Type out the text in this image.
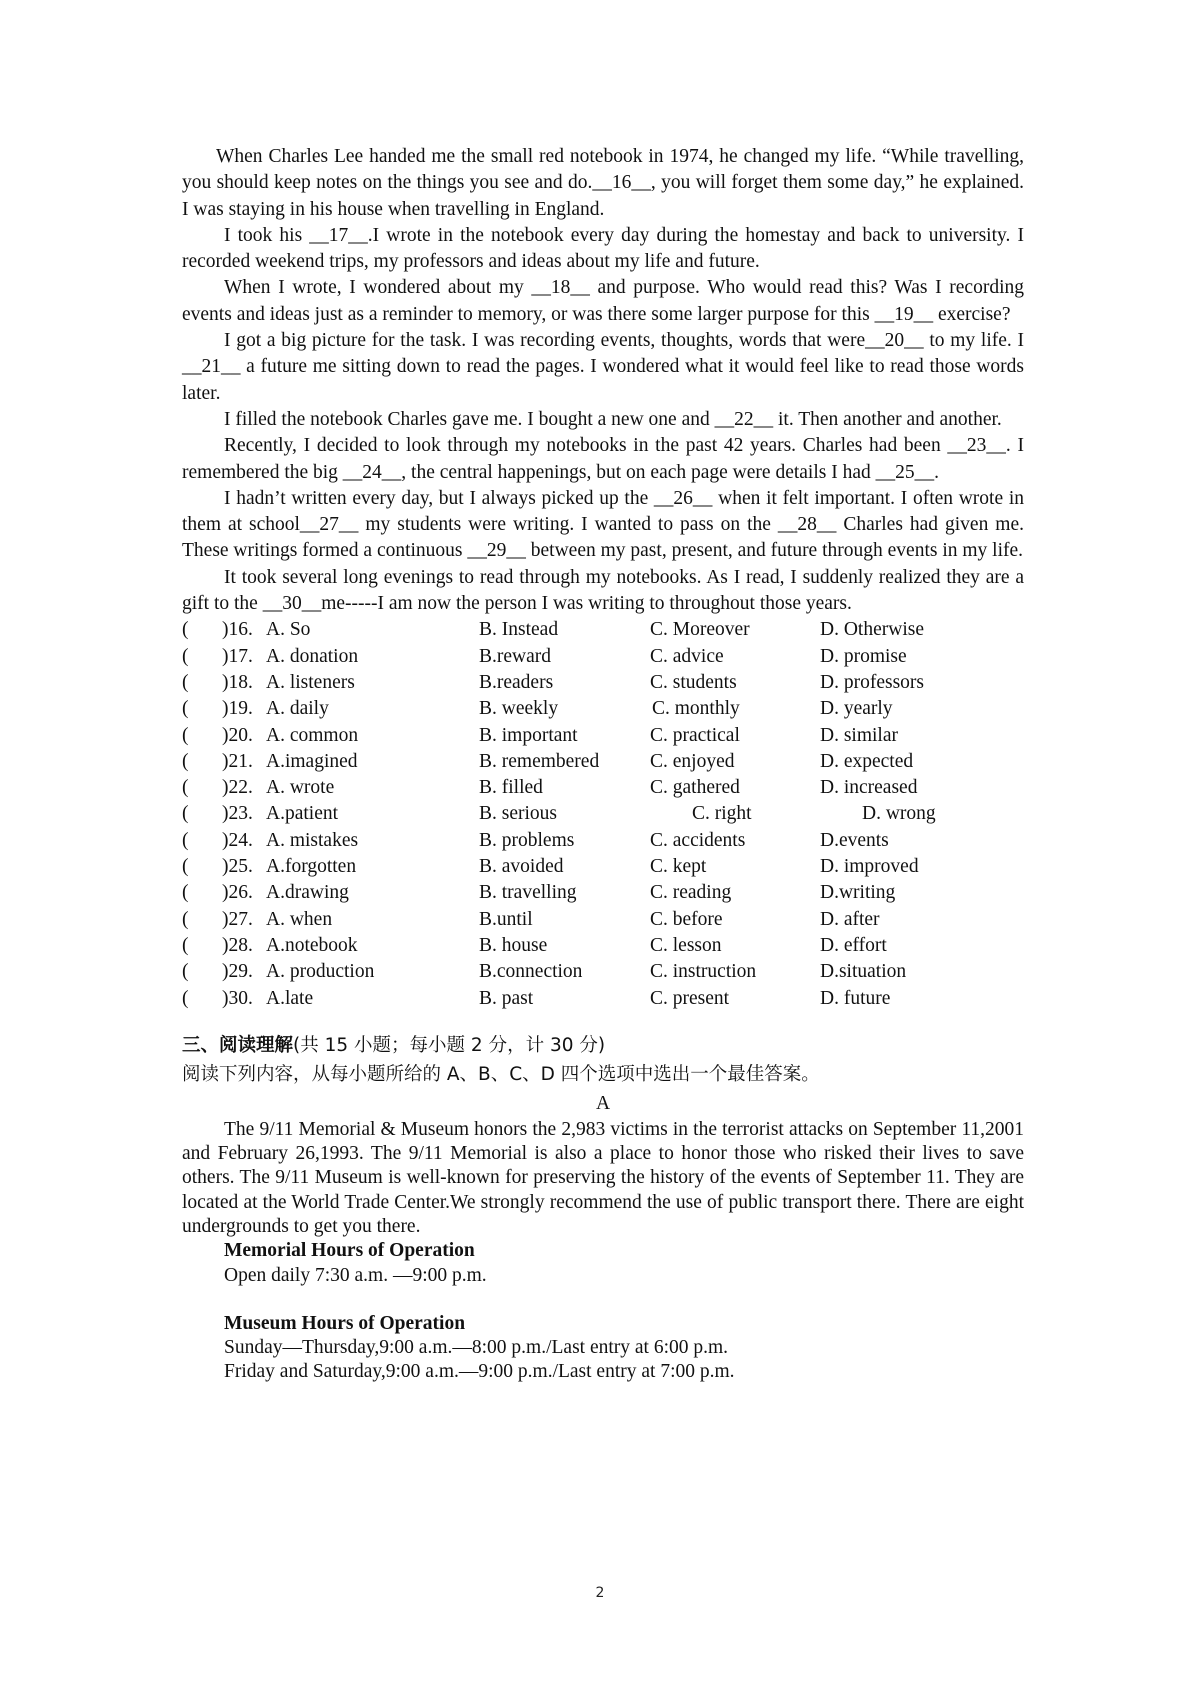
When Charles Lee handed me the small red notebook in 1974, he changed my life. “While travelling, you should keep notes on the things you see and do.__16__, you will forget them some day,” he explained. I was staying in his house when travelling in England.

I took his __17__.I wrote in the notebook every day during the homestay and back to university. I recorded weekend trips, my professors and ideas about my life and future.

When I wrote, I wondered about my __18__ and purpose. Who would read this? Was I recording events and ideas just as a reminder to memory, or was there some larger purpose for this __19__ exercise?

I got a big picture for the task. I was recording events, thoughts, words that were__20__ to my life. I __21__ a future me sitting down to read the pages. I wondered what it would feel like to read those words later.

I filled the notebook Charles gave me. I bought a new one and __22__ it. Then another and another.

Recently, I decided to look through my notebooks in the past 42 years. Charles had been __23__. I remembered the big __24__, the central happenings, but on each page were details I had __25__.

I hadn’t written every day, but I always picked up the __26__ when it felt important. I often wrote in them at school__27__ my students were writing. I wanted to pass on the __28__ Charles had given me. These writings formed a continuous __29__ between my past, present, and future through events in my life.

It took several long evenings to read through my notebooks. As I read, I suddenly realized they are a gift to the __30__me-----I am now the person I was writing to throughout those years.

( )16. A. So	B. Instead	C. Moreover	D. Otherwise
( )17. A. donation	B.reward	C. advice	D. promise
( )18. A. listeners	B.readers	C. students	D. professors
( )19. A. daily	B. weekly	C. monthly	D. yearly
( )20. A. common	B. important	C. practical	D. similar
( )21. A.imagined	B. remembered	C. enjoyed	D. expected
( )22. A. wrote	B. filled	C. gathered	D. increased
( )23. A.patient	B. serious	C. right	D. wrong
( )24. A. mistakes	B. problems	C. accidents	D.events
( )25. A.forgotten	B. avoided	C. kept	D. improved
( )26. A.drawing	B. travelling	C. reading	D.writing
( )27. A. when	B.until	C. before	D. after
( )28. A.notebook	B. house	C. lesson	D. effort
( )29. A. production	B.connection	C. instruction	D.situation
( )30. A.late	B. past	C. present	D. future
三、阅读理解(共 15 小题；每小题 2 分，计 30 分)
阅读下列内容，从每小题所给的 A、B、C、D 四个选项中选出一个最佳答案。
A

The 9/11 Memorial & Museum honors the 2,983 victims in the terrorist attacks on September 11,2001 and February 26,1993. The 9/11 Memorial is also a place to honor those who risked their lives to save others. The 9/11 Museum is well-known for preserving the history of the events of September 11. They are located at the World Trade Center.We strongly recommend the use of public transport there. There are eight undergrounds to get you there.

Memorial Hours of Operation
Open daily 7:30 a.m. —9:00 p.m.
Museum Hours of Operation
Sunday—Thursday,9:00 a.m.—8:00 p.m./Last entry at 6:00 p.m.
Friday and Saturday,9:00 a.m.—9:00 p.m./Last entry at 7:00 p.m.
2
